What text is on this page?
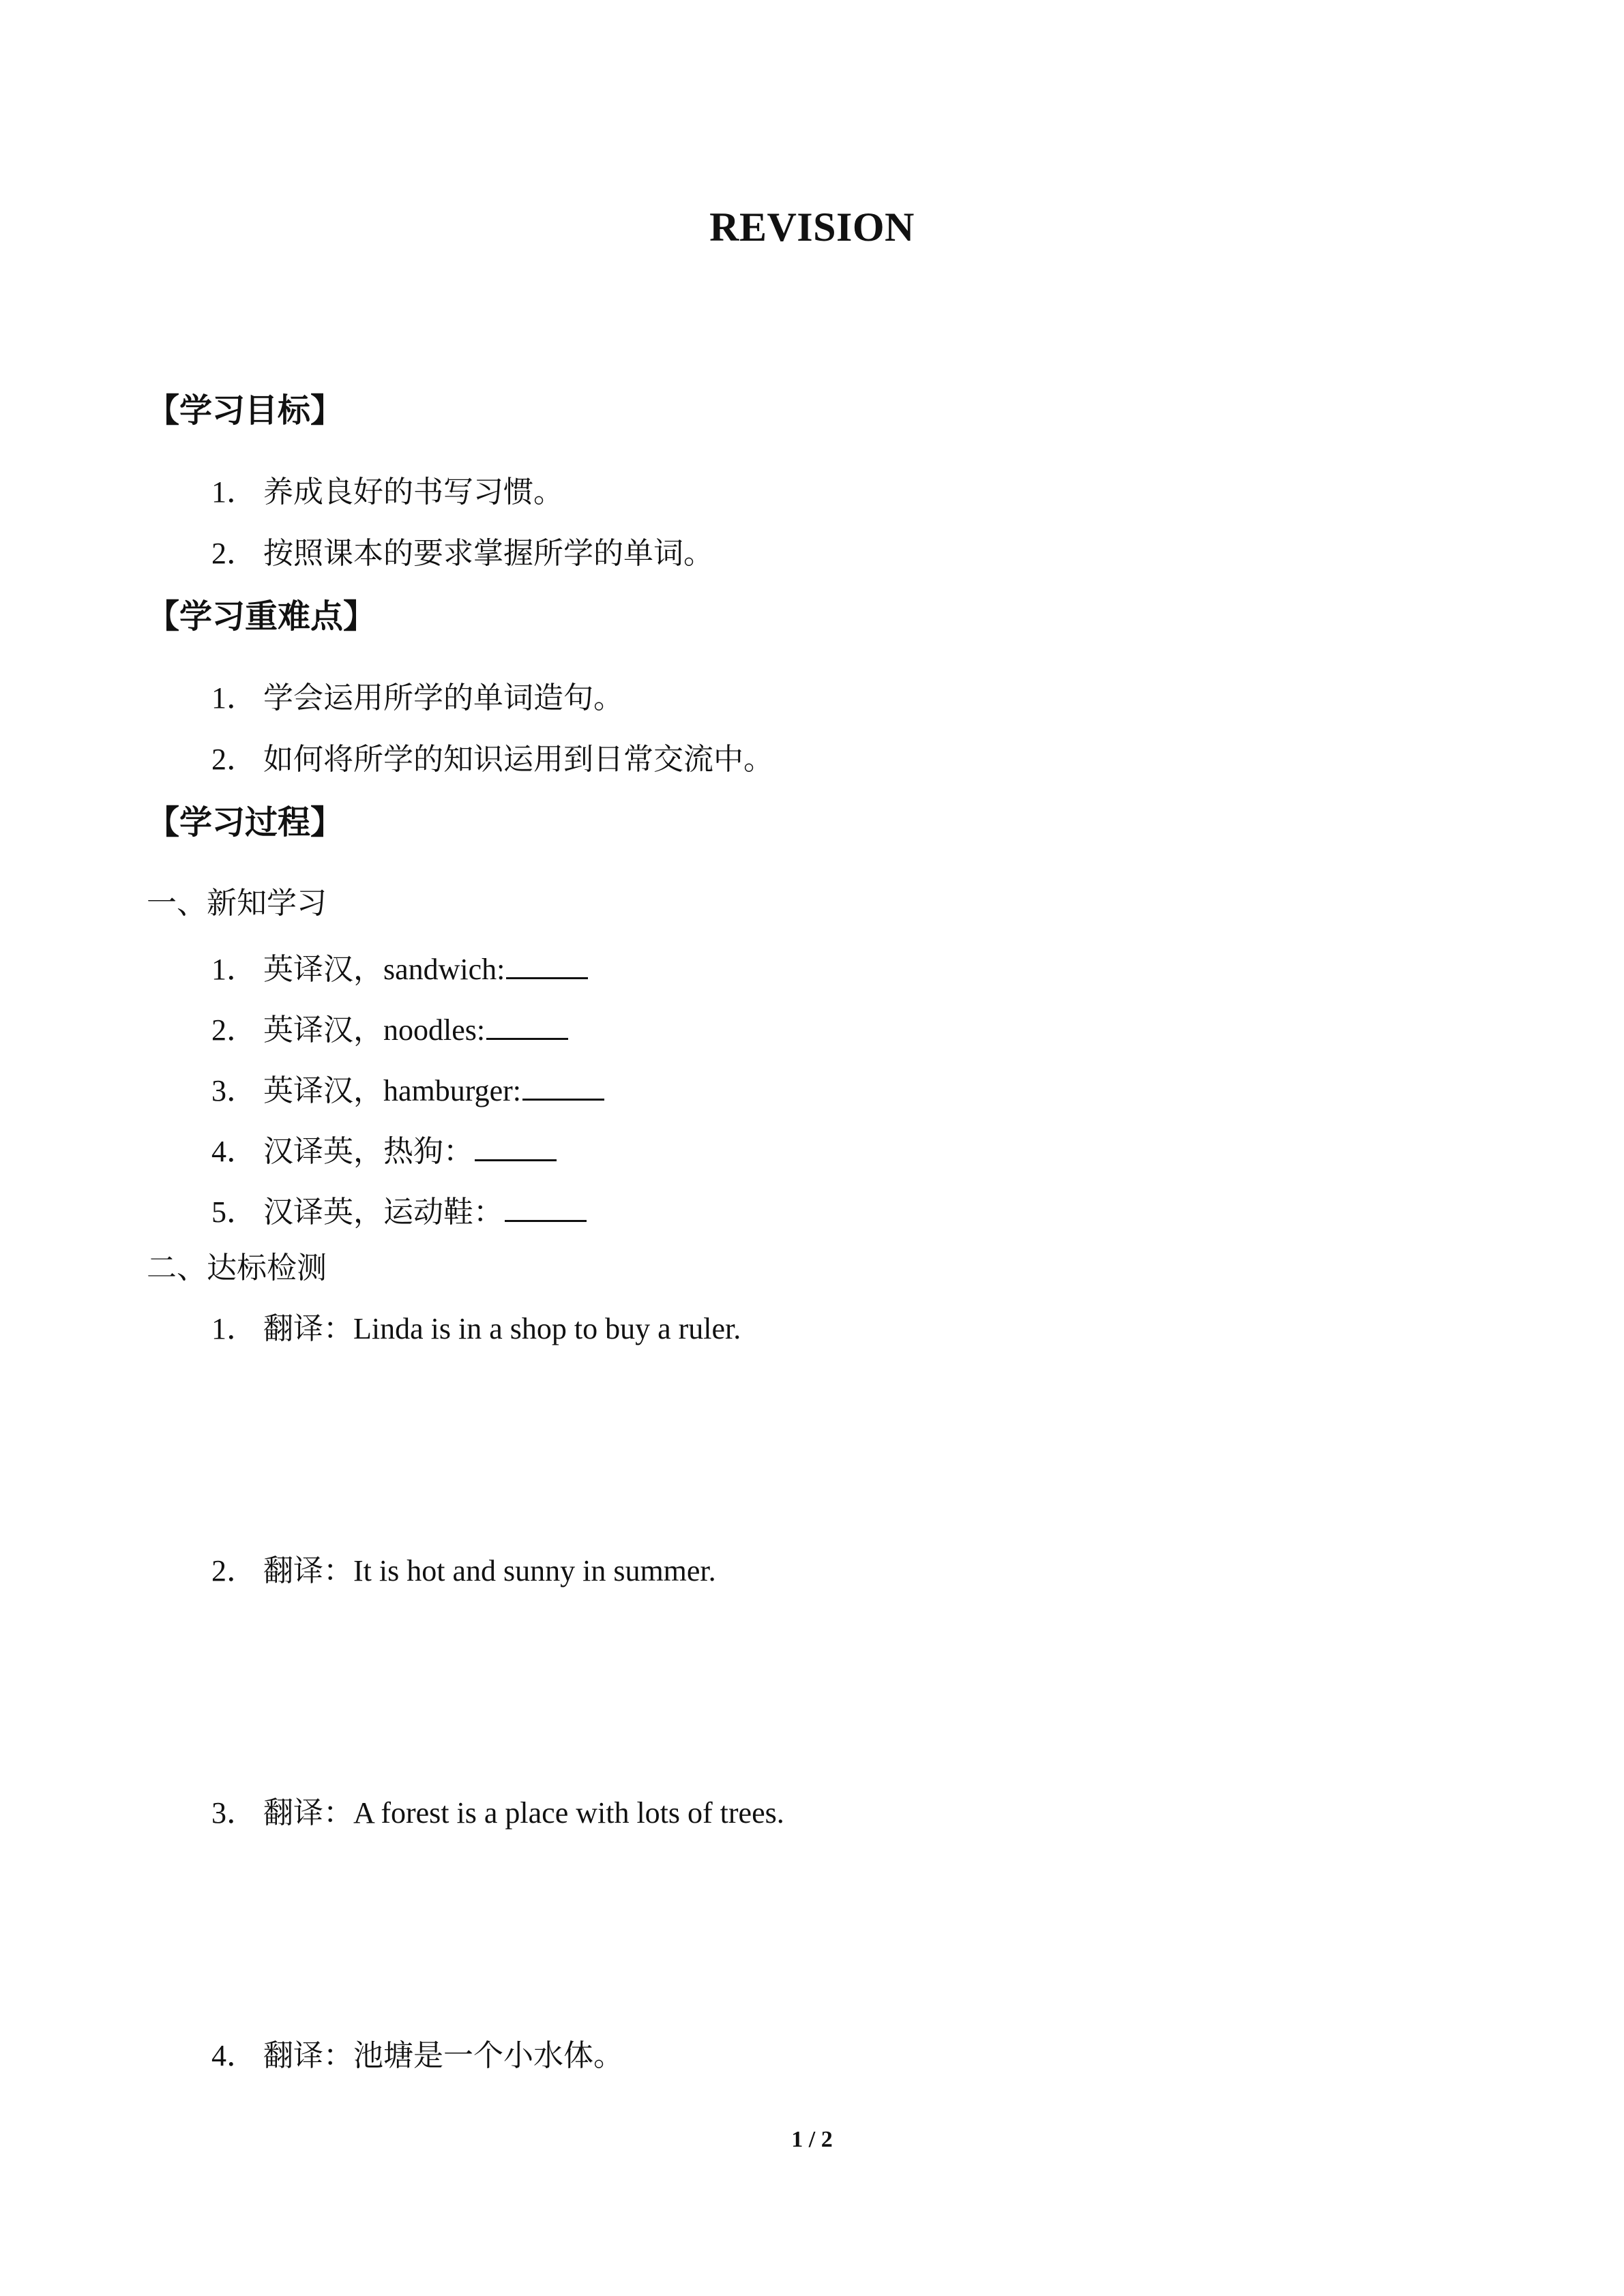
REVISION
【学习目标】
1． 养成良好的书写习惯。
2． 按照课本的要求掌握所学的单词。
【学习重难点】
1． 学会运用所学的单词造句。
2． 如何将所学的知识运用到日常交流中。
【学习过程】
一、新知学习
1． 英译汉，sandwich:
2． 英译汉，noodles:
3． 英译汉，hamburger:
4． 汉译英，热狗：
5． 汉译英，运动鞋：
二、达标检测
1． 翻译：Linda is in a shop to buy a ruler.
2． 翻译：It is hot and sunny in summer.
3． 翻译：A forest is a place with lots of trees.
4． 翻译：池塘是一个小水体。
1 / 2
